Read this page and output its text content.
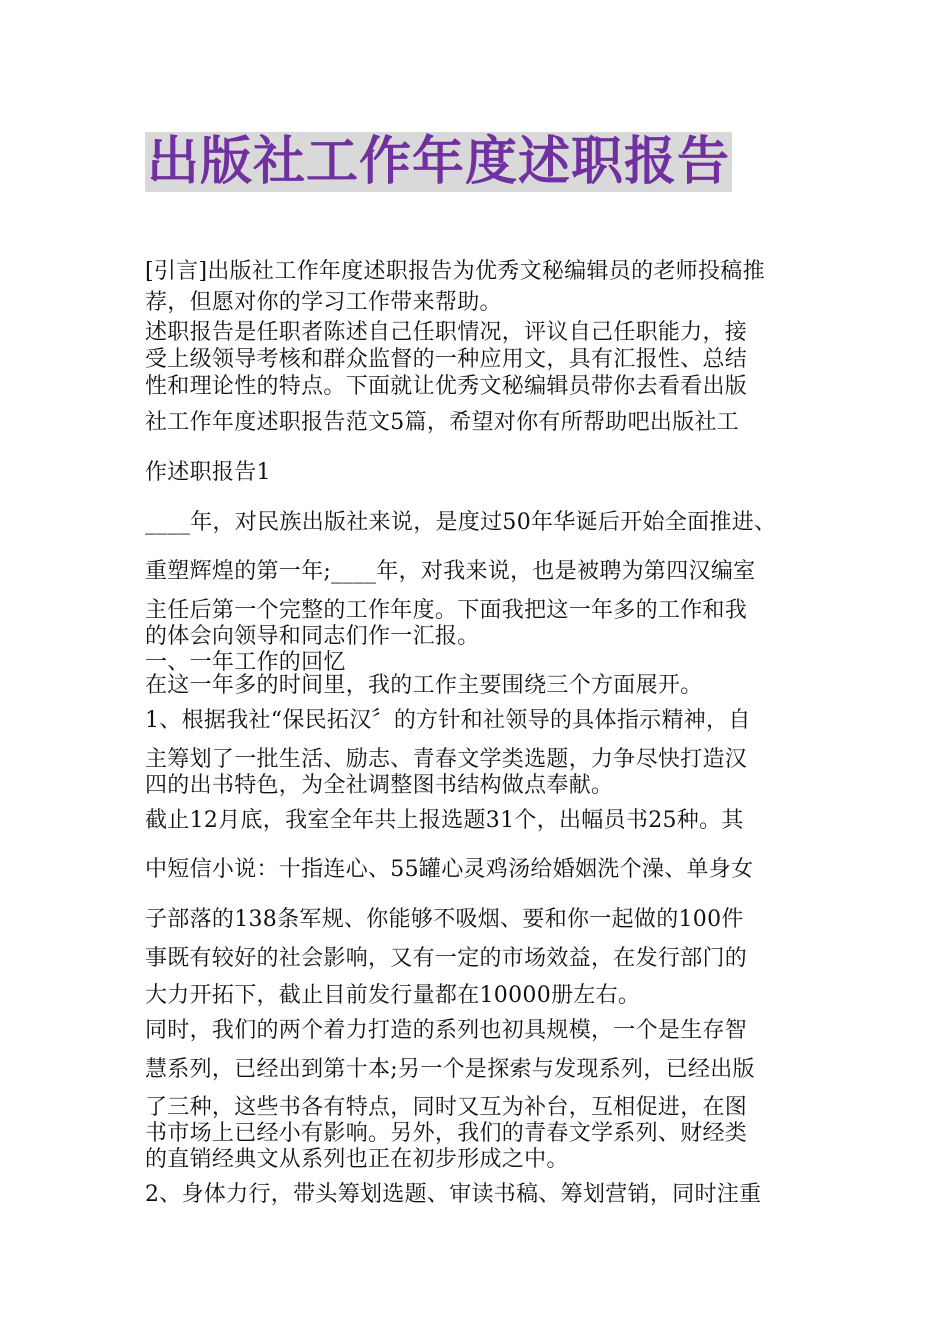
出版社工作年度述职报告
[引言]出版社工作年度述职报告为优秀文秘编辑员的老师投稿推
荐，但愿对你的学习工作带来帮助。
述职报告是任职者陈述自己任职情况，评议自己任职能力，接
受上级领导考核和群众监督的一种应用文，具有汇报性、总结
性和理论性的特点。下面就让优秀文秘编辑员带你去看看出版
社工作年度述职报告范文5篇，希望对你有所帮助吧出版社工
作述职报告1
____年，对民族出版社来说，是度过50年华诞后开始全面推进、
重塑辉煌的第一年;____年，对我来说，也是被聘为第四汉编室
主任后第一个完整的工作年度。下面我把这一年多的工作和我
的体会向领导和同志们作一汇报。
一、一年工作的回忆
在这一年多的时间里，我的工作主要围绕三个方面展开。
1、根据我社“保民拓汉〞的方针和社领导的具体指示精神，自
主筹划了一批生活、励志、青春文学类选题，力争尽快打造汉
四的出书特色，为全社调整图书结构做点奉献。
截止12月底，我室全年共上报选题31个，出幅员书25种。其
中短信小说：十指连心、55罐心灵鸡汤给婚姻洗个澡、单身女
子部落的138条军规、你能够不吸烟、要和你一起做的100件
事既有较好的社会影响，又有一定的市场效益，在发行部门的
大力开拓下，截止目前发行量都在10000册左右。
同时，我们的两个着力打造的系列也初具规模，一个是生存智
慧系列，已经出到第十本;另一个是探索与发现系列，已经出版
了三种，这些书各有特点，同时又互为补台，互相促进，在图
书市场上已经小有影响。另外，我们的青春文学系列、财经类
的直销经典文从系列也正在初步形成之中。
2、身体力行，带头筹划选题、审读书稿、筹划营销，同时注重
